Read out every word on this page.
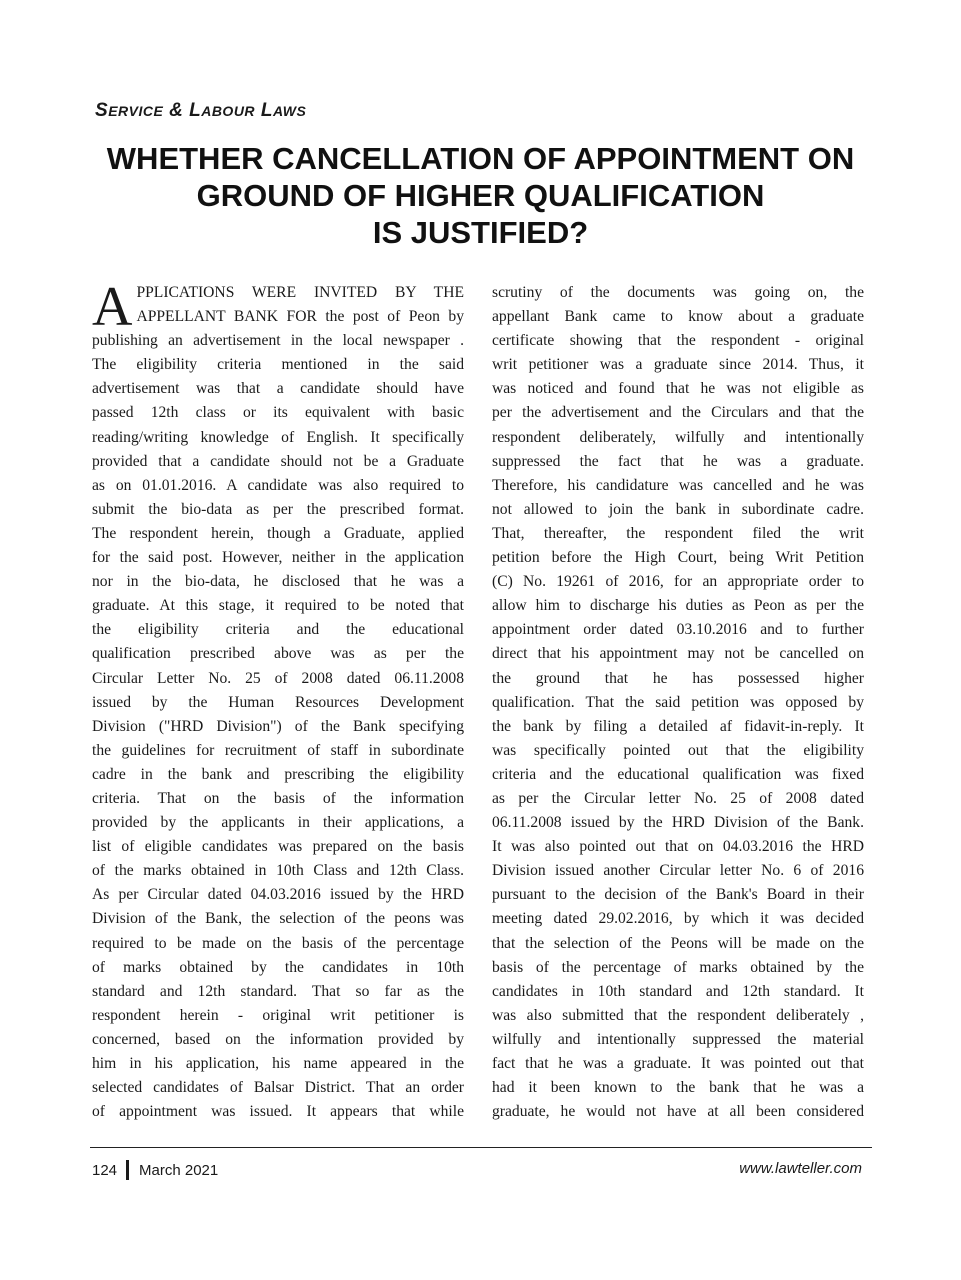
SERVICE & LABOUR LAWS
WHETHER CANCELLATION OF APPOINTMENT ON
GROUND OF HIGHER QUALIFICATION
IS JUSTIFIED?
A PPLICATIONS WERE INVITED BY THE

APPELLANT BANK FOR the post of Peon by

publishing an advertisement in the local newspaper .

The eligibility criteria mentioned in the said

advertisement was that a candidate should have

passed 12th class or its equivalent with basic

reading/writing knowledge of English. It specifically

provided that a candidate should not be a Graduate

as on 01.01.2016. A candidate was also required to

submit the bio-data as per the prescribed format.

The respondent herein, though a Graduate, applied

for the said post. However, neither in the application

nor in the bio-data, he disclosed that he was a

graduate. At this stage, it required to be noted that

the eligibility criteria and the educational

qualification prescribed above was as per the

Circular Letter No. 25 of 2008 dated 06.11.2008

issued by the Human Resources Development

Division ("HRD Division") of the Bank specifying

the guidelines for recruitment of staff in subordinate

cadre in the bank and prescribing the eligibility

criteria. That on the basis of the information

provided by the applicants in their applications, a

list of eligible candidates was prepared on the basis

of the marks obtained in 10th Class and 12th Class.

As per Circular dated 04.03.2016 issued by the HRD

Division of the Bank, the selection of the peons was

required to be made on the basis of the percentage

of marks obtained by the candidates in 10th

standard and 12th standard. That so far as the

respondent herein - original writ petitioner is

concerned, based on the information provided by

him in his application, his name appeared in the

selected candidates of Balsar District. That an order

of appointment was issued. It appears that while

scrutiny of the documents was going on, the

appellant Bank came to know about a graduate

certificate showing that the respondent - original

writ petitioner was a graduate since 2014. Thus, it

was noticed and found that he was not eligible as

per the advertisement and the Circulars and that the

respondent deliberately, wilfully and intentionally

suppressed the fact that he was a graduate.

Therefore, his candidature was cancelled and he was

not allowed to join the bank in subordinate cadre.

That, thereafter, the respondent filed the writ

petition before the High Court, being Writ Petition

(C) No. 19261 of 2016, for an appropriate order to

allow him to discharge his duties as Peon as per the

appointment order dated 03.10.2016 and to further

direct that his appointment may not be cancelled on

the ground that he has possessed higher

qualification. That the said petition was opposed by

the bank by filing a detailed af fidavit-in-reply. It

was specifically pointed out that the eligibility

criteria and the educational qualification was fixed

as per the Circular letter No. 25 of 2008 dated

06.11.2008 issued by the HRD Division of the Bank.

It was also pointed out that on 04.03.2016 the HRD

Division issued another Circular letter No. 6 of 2016

pursuant to the decision of the Bank's Board in their

meeting dated 29.02.2016, by which it was decided

that the selection of the Peons will be made on the

basis of the percentage of marks obtained by the

candidates in 10th standard and 12th standard. It

was also submitted that the respondent deliberately ,

wilfully and intentionally suppressed the material

fact that he was a graduate. It was pointed out that

had it been known to the bank that he was a

graduate, he would not have at all been considered

124 March 2021	www.lawteller.com
